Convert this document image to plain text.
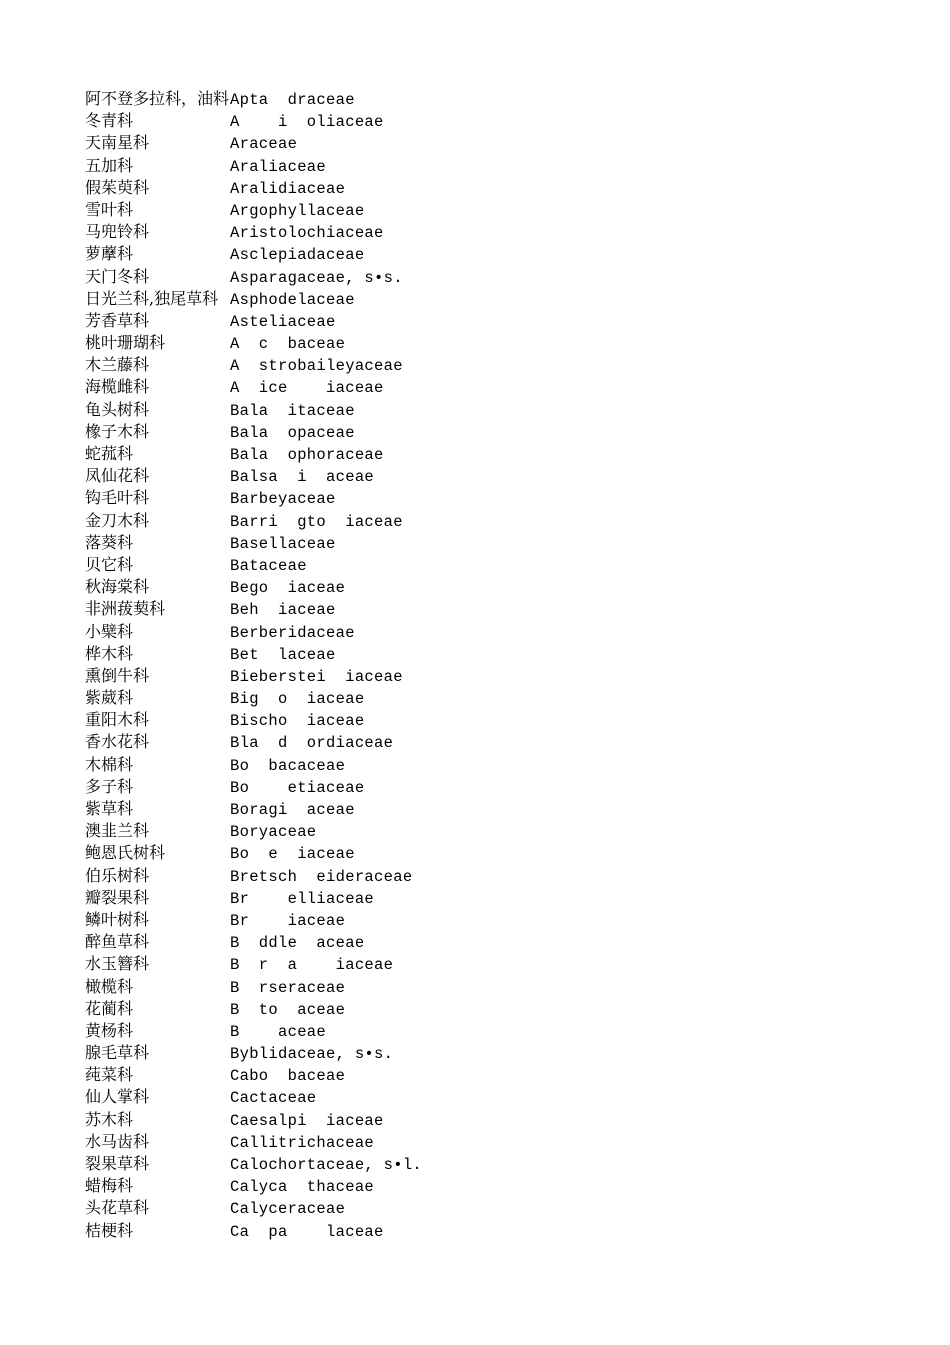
阿不登多拉科，油料 Apta  draceae
冬青科	A    i  oliaceae
天南星科	Araceae
五加科	Araliaceae
假茱萸科	Aralidiaceae
雪叶科	Argophyllaceae
马兜铃科	Aristolochiaceae
萝藦科	Asclepiadaceae
天门冬科	Asparagaceae, s•s.
日光兰科,独尾草科 Asphodelaceae
芳香草科	Asteliaceae
桃叶珊瑚科	A  c  baceae
木兰藤科	A  strobaileyaceae
海榄雌科	A  ice    iaceae
龟头树科	Bala  itaceae
橡子木科	Bala  opaceae
蛇菰科	Bala  ophoraceae
凤仙花科	Balsa  i  aceae
钩毛叶科	Barbeyaceae
金刀木科	Barri  gto  iaceae
落葵科	Basellaceae
贝它科	Bataceae
秋海棠科	Bego  iaceae
非洲菝葜科	Beh  iaceae
小檗科	Berberidaceae
桦木科	Bet  laceae
熏倒牛科	Bieberstei  iaceae
紫葳科	Big  o  iaceae
重阳木科	Bischo  iaceae
香水花科	Bla  d  ordiaceae
木棉科	Bo  bacaceae
多子科	Bo    etiaceae
紫草科	Boragi  aceae
澳韭兰科	Boryaceae
鲍恩氏树科	Bo  e  iaceae
伯乐树科	Bretsch  eideraceae
瓣裂果科	Br    elliaceae
鳞叶树科	Br    iaceae
醉鱼草科	B  ddle  aceae
水玉簪科	B  r  a    iaceae
橄榄科	B  rseraceae
花蔺科	B  to  aceae
黄杨科	B    aceae
腺毛草科	Byblidaceae, s•s.
莼菜科	Cabo  baceae
仙人掌科	Cactaceae
苏木科	Caesalpi  iaceae
水马齿科	Callitrichaceae
裂果草科	Calochortaceae, s•l.
蜡梅科	Calyca  thaceae
头花草科	Calyceraceae
桔梗科	Ca  pa    laceae
